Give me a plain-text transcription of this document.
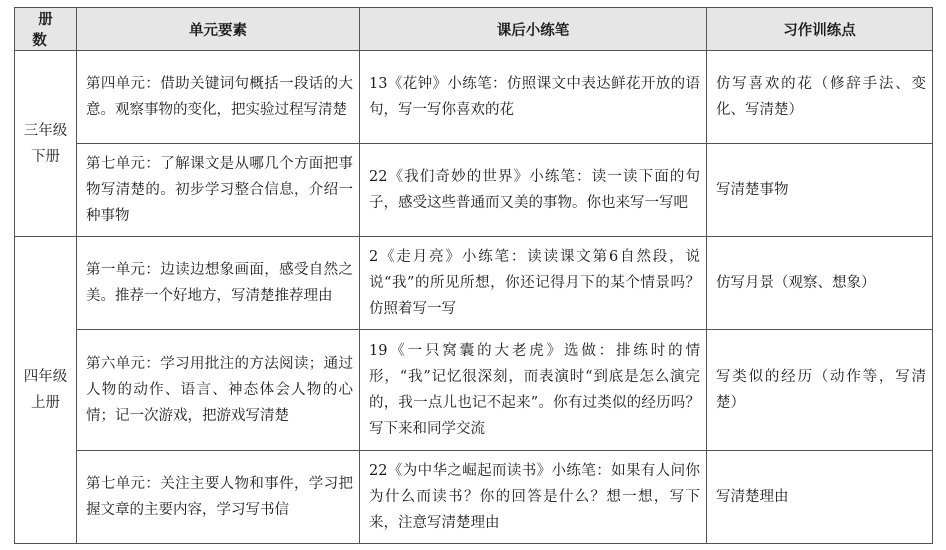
册数	单元要素	课后小练笔	习作训练点

三年级
下册	第四单元：借助关键词句概括一段话的大意。观察事物的变化，把实验过程写清楚	13《花钟》小练笔：仿照课文中表达鲜花开放的语句，写一写你喜欢的花	仿写喜欢的花（修辞手法、变化、写清楚）
	第七单元：了解课文是从哪几个方面把事物写清楚的。初步学习整合信息，介绍一种事物	22《我们奇妙的世界》小练笔：读一读下面的句子，感受这些普通而又美的事物。你也来写一写吧	写清楚事物

四年级
上册	第一单元：边读边想象画面，感受自然之美。推荐一个好地方，写清楚推荐理由	2《走月亮》小练笔：读读课文第6自然段，说说“我”的所见所想，你还记得月下的某个情景吗？仿照着写一写	仿写月景（观察、想象）
	第六单元：学习用批注的方法阅读；通过人物的动作、语言、神态体会人物的心情；记一次游戏，把游戏写清楚	19《一只窝囊的大老虎》选做：排练时的情形，“我”记忆很深刻，而表演时“到底是怎么演完的，我一点儿也记不起来”。你有过类似的经历吗？写下来和同学交流	写类似的经历（动作等，写清楚）
	第七单元：关注主要人物和事件，学习把握文章的主要内容，学习写书信	22《为中华之崛起而读书》小练笔：如果有人问你为什么而读书？你的回答是什么？想一想，写下来，注意写清楚理由	写清楚理由
